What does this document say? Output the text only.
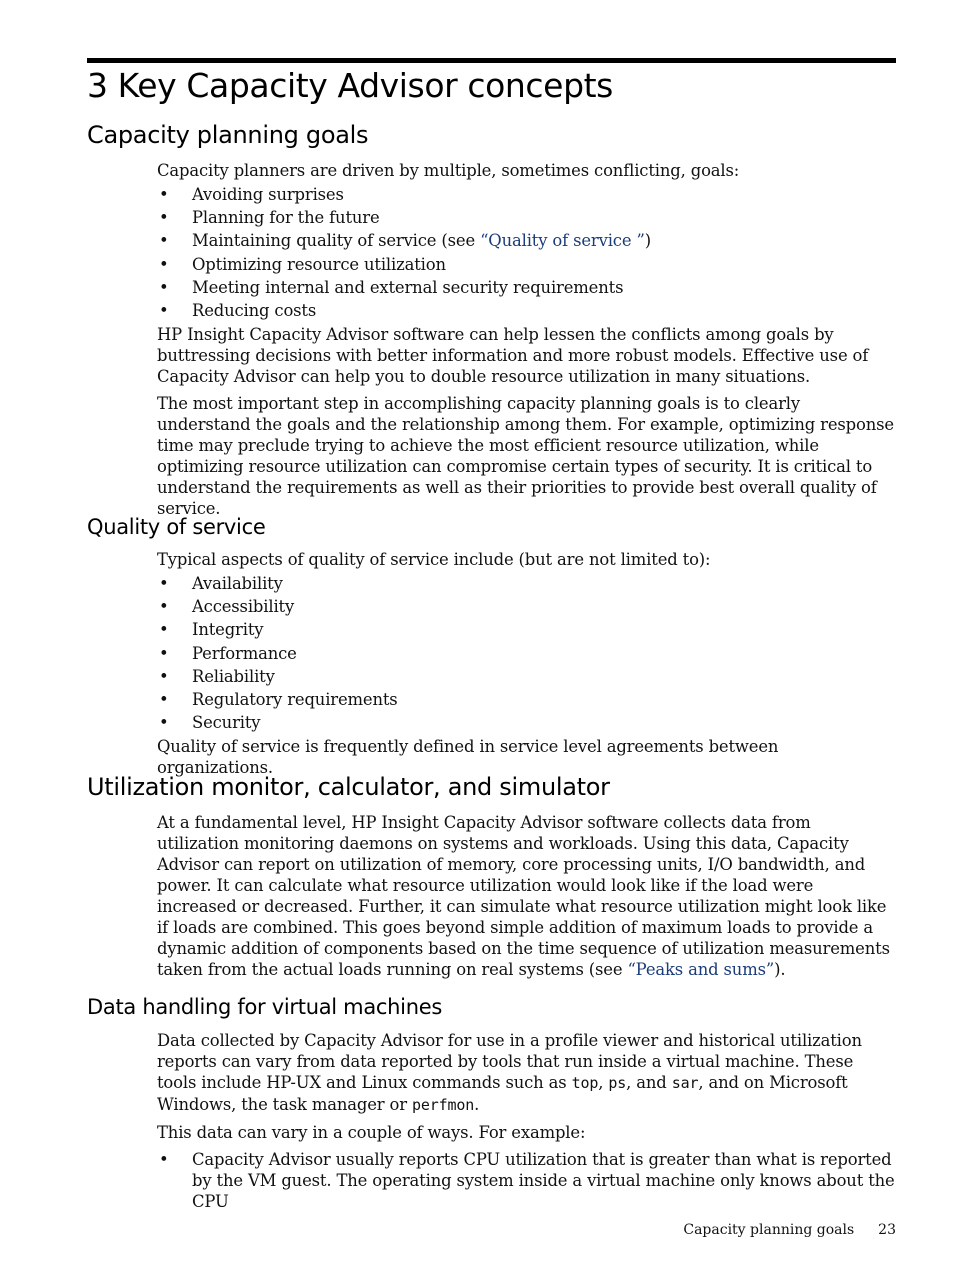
3 Key Capacity Advisor concepts
Capacity planning goals

Capacity planners are driven by multiple, sometimes conflicting, goals:

• Avoiding surprises
• Planning for the future
• Maintaining quality of service (see “Quality of service ”)
• Optimizing resource utilization
• Meeting internal and external security requirements
• Reducing costs

HP Insight Capacity Advisor software can help lessen the conflicts among goals by buttressing decisions with better information and more robust models. Effective use of Capacity Advisor can help you to double resource utilization in many situations.

The most important step in accomplishing capacity planning goals is to clearly understand the goals and the relationship among them. For example, optimizing response time may preclude trying to achieve the most efficient resource utilization, while optimizing resource utilization can compromise certain types of security. It is critical to understand the requirements as well as their priorities to provide best overall quality of service.

Quality of service

Typical aspects of quality of service include (but are not limited to):

• Availability
• Accessibility
• Integrity
• Performance
• Reliability
• Regulatory requirements
• Security

Quality of service is frequently defined in service level agreements between organizations.

Utilization monitor, calculator, and simulator

At a fundamental level, HP Insight Capacity Advisor software collects data from utilization monitoring daemons on systems and workloads. Using this data, Capacity Advisor can report on utilization of memory, core processing units, I/O bandwidth, and power. It can calculate what resource utilization would look like if the load were increased or decreased. Further, it can simulate what resource utilization might look like if loads are combined. This goes beyond simple addition of maximum loads to provide a dynamic addition of components based on the time sequence of utilization measurements taken from the actual loads running on real systems (see “Peaks and sums”).

Data handling for virtual machines

Data collected by Capacity Advisor for use in a profile viewer and historical utilization reports can vary from data reported by tools that run inside a virtual machine. These tools include HP-UX and Linux commands such as top, ps, and sar, and on Microsoft Windows, the task manager or perfmon.

This data can vary in a couple of ways. For example:

• Capacity Advisor usually reports CPU utilization that is greater than what is reported by the VM guest. The operating system inside a virtual machine only knows about the CPU
Capacity planning goals 23
